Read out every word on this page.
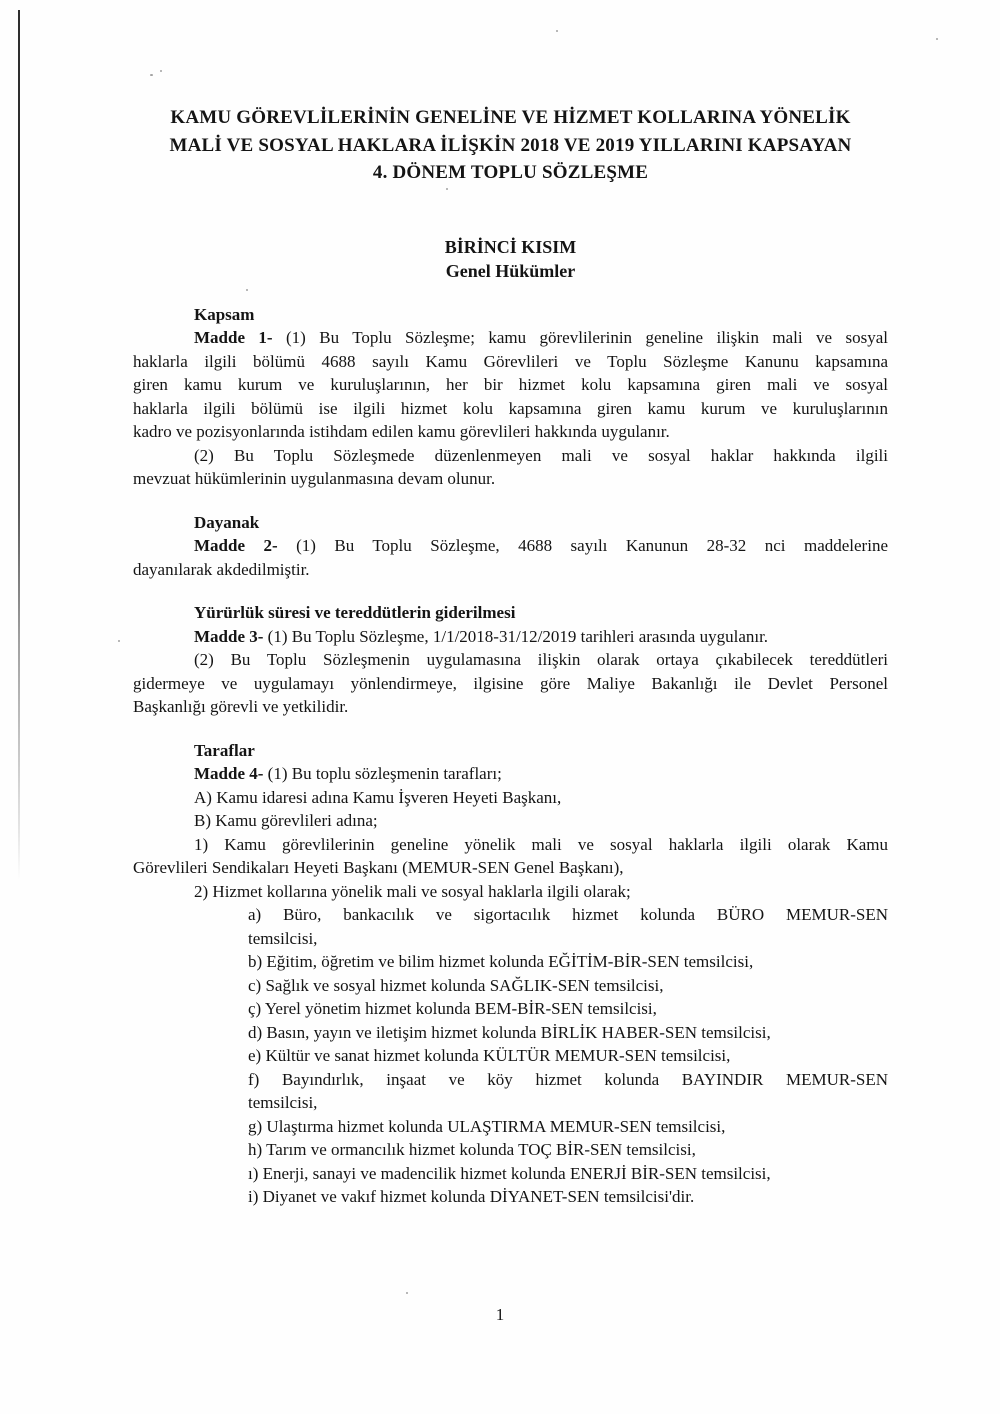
KAMU GÖREVLİLERİNİN GENELİNE VE HİZMET KOLLARINA YÖNELİK
MALİ VE SOSYAL HAKLARA İLİŞKİN 2018 VE 2019 YILLARINI KAPSAYAN
4. DÖNEM TOPLU SÖZLEŞME
BİRİNCİ KISIM
Genel Hükümler
Kapsam
Madde 1- (1) Bu Toplu Sözleşme; kamu görevlilerinin geneline ilişkin mali ve sosyal
haklarla ilgili bölümü 4688 sayılı Kamu Görevlileri ve Toplu Sözleşme Kanunu kapsamına
giren kamu kurum ve kuruluşlarının, her bir hizmet kolu kapsamına giren mali ve sosyal
haklarla ilgili bölümü ise ilgili hizmet kolu kapsamına giren kamu kurum ve kuruluşlarının
kadro ve pozisyonlarında istihdam edilen kamu görevlileri hakkında uygulanır.
(2) Bu Toplu Sözleşmede düzenlenmeyen mali ve sosyal haklar hakkında ilgili
mevzuat hükümlerinin uygulanmasına devam olunur.
Dayanak
Madde 2- (1) Bu Toplu Sözleşme, 4688 sayılı Kanunun 28-32 nci maddelerine
dayanılarak akdedilmiştir.
Yürürlük süresi ve tereddütlerin giderilmesi
Madde 3- (1) Bu Toplu Sözleşme, 1/1/2018-31/12/2019 tarihleri arasında uygulanır.
(2) Bu Toplu Sözleşmenin uygulamasına ilişkin olarak ortaya çıkabilecek tereddütleri
gidermeye ve uygulamayı yönlendirmeye, ilgisine göre Maliye Bakanlığı ile Devlet Personel
Başkanlığı görevli ve yetkilidir.
Taraflar
Madde 4- (1) Bu toplu sözleşmenin tarafları;
A) Kamu idaresi adına Kamu İşveren Heyeti Başkanı,
B) Kamu görevlileri adına;
1) Kamu görevlilerinin geneline yönelik mali ve sosyal haklarla ilgili olarak Kamu
Görevlileri Sendikaları Heyeti Başkanı (MEMUR-SEN Genel Başkanı),
2) Hizmet kollarına yönelik mali ve sosyal haklarla ilgili olarak;
a) Büro, bankacılık ve sigortacılık hizmet kolunda BÜRO MEMUR-SEN
temsilcisi,
b) Eğitim, öğretim ve bilim hizmet kolunda EĞİTİM-BİR-SEN temsilcisi,
c) Sağlık ve sosyal hizmet kolunda SAĞLIK-SEN temsilcisi,
ç) Yerel yönetim hizmet kolunda BEM-BİR-SEN temsilcisi,
d) Basın, yayın ve iletişim hizmet kolunda BİRLİK HABER-SEN temsilcisi,
e) Kültür ve sanat hizmet kolunda KÜLTÜR MEMUR-SEN temsilcisi,
f) Bayındırlık, inşaat ve köy hizmet kolunda BAYINDIR MEMUR-SEN
temsilcisi,
g) Ulaştırma hizmet kolunda ULAŞTIRMA MEMUR-SEN temsilcisi,
h) Tarım ve ormancılık hizmet kolunda TOÇ BİR-SEN temsilcisi,
ı) Enerji, sanayi ve madencilik hizmet kolunda ENERJİ BİR-SEN temsilcisi,
i) Diyanet ve vakıf hizmet kolunda DİYANET-SEN temsilcisi'dir.
1
